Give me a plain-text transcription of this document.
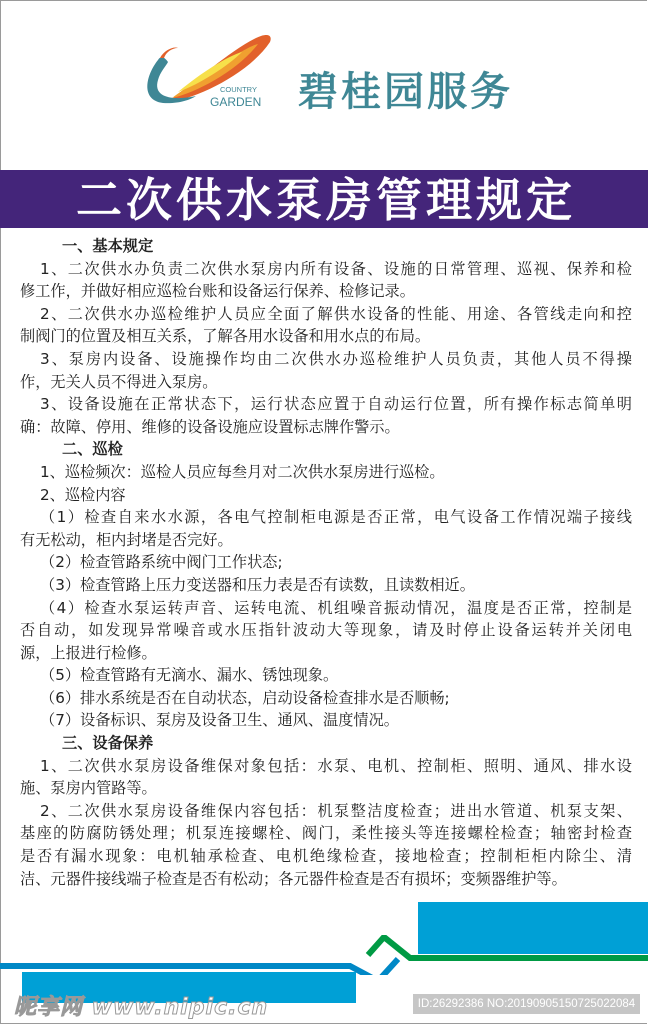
COUNTRY
GARDEN 碧桂园服务
二次供水泵房管理规定
一、基本规定
1、二次供水办负责二次供水泵房内所有设备、设施的日常管理、巡视、保养和检
修工作，并做好相应巡检台账和设备运行保养、检修记录。
2、二次供水办巡检维护人员应全面了解供水设备的性能、用途、各管线走向和控
制阀门的位置及相互关系，了解各用水设备和用水点的布局。
3、泵房内设备、设施操作均由二次供水办巡检维护人员负责，其他人员不得操
作，无关人员不得进入泵房。
3、设备设施在正常状态下，运行状态应置于自动运行位置，所有操作标志简单明
确：故障、停用、维修的设备设施应设置标志牌作警示。
二、巡检
1、巡检频次：巡检人员应每叁月对二次供水泵房进行巡检。
2、巡检内容
（1）检查自来水水源，各电气控制柜电源是否正常，电气设备工作情况端子接线
有无松动，柜内封堵是否完好。
（2）检查管路系统中阀门工作状态;
（3）检查管路上压力变送器和压力表是否有读数，且读数相近。
（4）检查水泵运转声音、运转电流、机组噪音振动情况，温度是否正常，控制是
否自动，如发现异常噪音或水压指针波动大等现象，请及时停止设备运转并关闭电
源，上报进行检修。
（5）检查管路有无滴水、漏水、锈蚀现象。
（6）排水系统是否在自动状态，启动设备检查排水是否顺畅;
（7）设备标识、泵房及设备卫生、通风、温度情况。
三、设备保养
1、二次供水泵房设备维保对象包括：水泵、电机、控制柜、照明、通风、排水设
施、泵房内管路等。
2、二次供水泵房设备维保内容包括：机泵整洁度检查；进出水管道、机泵支架、
基座的防腐防锈处理；机泵连接螺栓、阀门，柔性接头等连接螺栓检查；轴密封检查
是否有漏水现象：电机轴承检查、电机绝缘检查，接地检查；控制柜柜内除尘、清
洁、元器件接线端子检查是否有松动；各元器件检查是否有损坏；变频器维护等。
昵享网 www.nipic.cn	ID:26292386 NO:20190905150725022084
